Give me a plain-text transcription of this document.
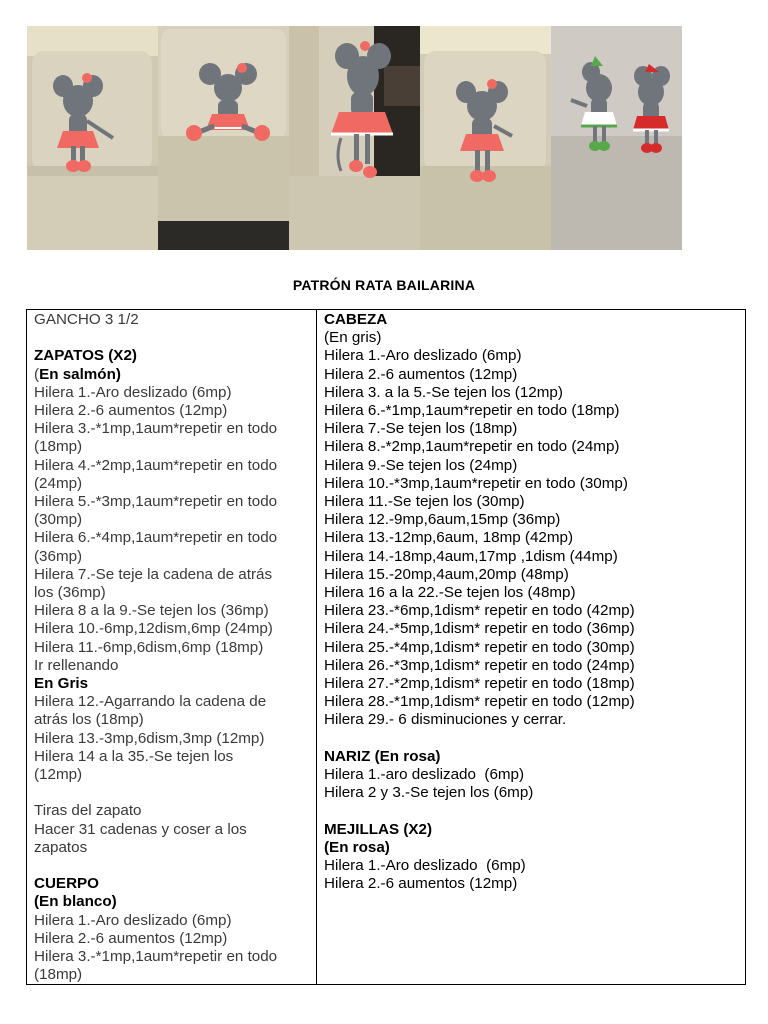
PATRÓN RATA BAILARINA
GANCHO 3 1/2
ZAPATOS (X2)
(En salmón)
Hilera 1.-Aro deslizado (6mp)
Hilera 2.-6 aumentos (12mp)
Hilera 3.-*1mp,1aum*repetir en todo
(18mp)
Hilera 4.-*2mp,1aum*repetir en todo
(24mp)
Hilera 5.-*3mp,1aum*repetir en todo
(30mp)
Hilera 6.-*4mp,1aum*repetir en todo
(36mp)
Hilera 7.-Se teje la cadena de atrás
los (36mp)
Hilera 8 a la 9.-Se tejen los (36mp)
Hilera 10.-6mp,12dism,6mp (24mp)
Hilera 11.-6mp,6dism,6mp (18mp)
Ir rellenando
En Gris
Hilera 12.-Agarrando la cadena de
atrás los (18mp)
Hilera 13.-3mp,6dism,3mp (12mp)
Hilera 14 a la 35.-Se tejen los
(12mp)
Tiras del zapato
Hacer 31 cadenas y coser a los
zapatos
CUERPO
(En blanco)
Hilera 1.-Aro deslizado (6mp)
Hilera 2.-6 aumentos (12mp)
Hilera 3.-*1mp,1aum*repetir en todo
(18mp)
CABEZA
(En gris)
Hilera 1.-Aro deslizado (6mp)
Hilera 2.-6 aumentos (12mp)
Hilera 3. a la 5.-Se tejen los (12mp)
Hilera 6.-*1mp,1aum*repetir en todo (18mp)
Hilera 7.-Se tejen los (18mp)
Hilera 8.-*2mp,1aum*repetir en todo (24mp)
Hilera 9.-Se tejen los (24mp)
Hilera 10.-*3mp,1aum*repetir en todo (30mp)
Hilera 11.-Se tejen los (30mp)
Hilera 12.-9mp,6aum,15mp (36mp)
Hilera 13.-12mp,6aum, 18mp (42mp)
Hilera 14.-18mp,4aum,17mp ,1dism (44mp)
Hilera 15.-20mp,4aum,20mp (48mp)
Hilera 16 a la 22.-Se tejen los (48mp)
Hilera 23.-*6mp,1dism* repetir en todo (42mp)
Hilera 24.-*5mp,1dism* repetir en todo (36mp)
Hilera 25.-*4mp,1dism* repetir en todo (30mp)
Hilera 26.-*3mp,1dism* repetir en todo (24mp)
Hilera 27.-*2mp,1dism* repetir en todo (18mp)
Hilera 28.-*1mp,1dism* repetir en todo (12mp)
Hilera 29.- 6 disminuciones y cerrar.
NARIZ (En rosa)
Hilera 1.-aro deslizado  (6mp)
Hilera 2 y 3.-Se tejen los (6mp)
MEJILLAS (X2)
(En rosa)
Hilera 1.-Aro deslizado  (6mp)
Hilera 2.-6 aumentos (12mp)
